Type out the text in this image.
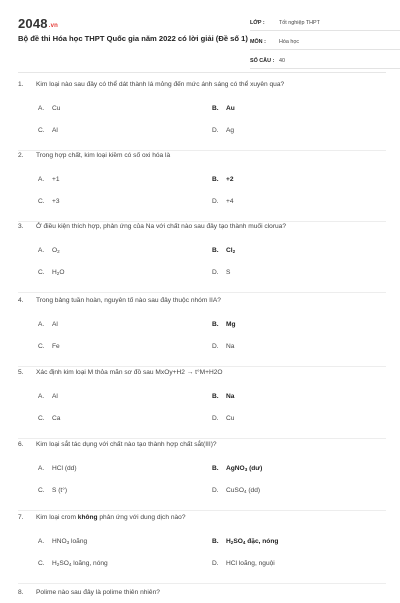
2048.vn
Bộ đề thi Hóa học THPT Quốc gia năm 2022 có lời giải (Đề số 1)
LỚP :	Tốt nghiệp THPT
MÔN :	Hóa học
SỐ CÂU : 40
1. Kim loại nào sau đây có thể dát thành lá mỏng đến mức ánh sáng có thể xuyên qua?
A. Cu	B. Au
C. Al	D. Ag
2. Trong hợp chất, kim loại kiềm có số oxi hóa là
A. +1	B. +2
C. +3	D. +4
3. Ở điều kiện thích hợp, phản ứng của Na với chất nào sau đây tạo thành muối clorua?
A. $O_2$	B. $Cl_2$
C. $H_2O$	D. S
4. Trong bảng tuần hoàn, nguyên tố nào sau đây thuộc nhóm IIA?
A. Al	B. Mg
C. Fe	D. Na
5. Xác định kim loại M thỏa mãn sơ đồ sau MxOy+H2 → t°M+H2O
A. Al	B. Na
C. Ca	D. Cu
6. Kim loại sắt tác dụng với chất nào tạo thành hợp chất sắt(III)?
A. HCl (dd)	B. AgNO$_3$ (dư)
C. S (t°)	D. CuSO$_4$ (dd)
7. Kim loại crom không phản ứng với dung dịch nào?
A. $HNO_3$ loãng	B. $H_2SO_4$ đặc, nóng
C. $H_2SO_4$ loãng, nóng	D. HCl loãng, nguội
8. Polime nào sau đây là polime thiên nhiên?
